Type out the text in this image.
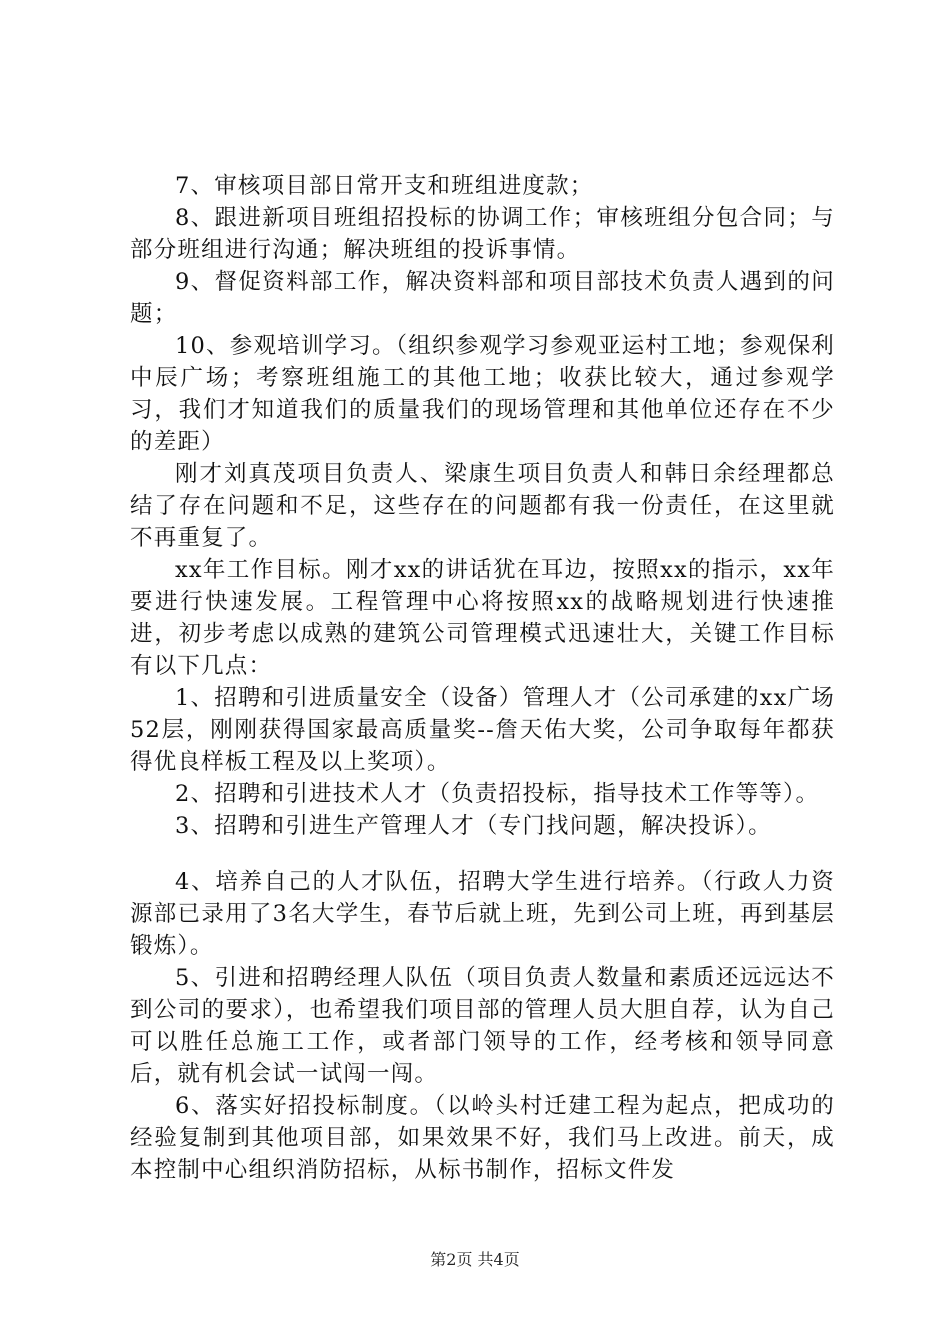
7、审核项目部日常开支和班组进度款；

8、跟进新项目班组招投标的协调工作；审核班组分包合同；与部分班组进行沟通；解决班组的投诉事情。

9、督促资料部工作，解决资料部和项目部技术负责人遇到的问题；

10、参观培训学习。（组织参观学习参观亚运村工地；参观保利中辰广场；考察班组施工的其他工地；收获比较大，通过参观学习，我们才知道我们的质量我们的现场管理和其他单位还存在不少的差距）

刚才刘真茂项目负责人、梁康生项目负责人和韩日余经理都总结了存在问题和不足，这些存在的问题都有我一份责任，在这里就不再重复了。

xx年工作目标。刚才xx的讲话犹在耳边，按照xx的指示，xx年要进行快速发展。工程管理中心将按照xx的战略规划进行快速推进，初步考虑以成熟的建筑公司管理模式迅速壮大，关键工作目标有以下几点：

1、招聘和引进质量安全（设备）管理人才（公司承建的xx广场52层，刚刚获得国家最高质量奖--詹天佑大奖，公司争取每年都获得优良样板工程及以上奖项）。

2、招聘和引进技术人才（负责招投标，指导技术工作等等）。

3、招聘和引进生产管理人才（专门找问题，解决投诉）。

4、培养自己的人才队伍，招聘大学生进行培养。（行政人力资源部已录用了3名大学生，春节后就上班，先到公司上班，再到基层锻炼）。

5、引进和招聘经理人队伍（项目负责人数量和素质还远远达不到公司的要求），也希望我们项目部的管理人员大胆自荐，认为自己可以胜任总施工工作，或者部门领导的工作，经考核和领导同意后，就有机会试一试闯一闯。

6、落实好招投标制度。（以岭头村迁建工程为起点，把成功的经验复制到其他项目部，如果效果不好，我们马上改进。前天，成本控制中心组织消防招标，从标书制作，招标文件发

第2页 共4页
